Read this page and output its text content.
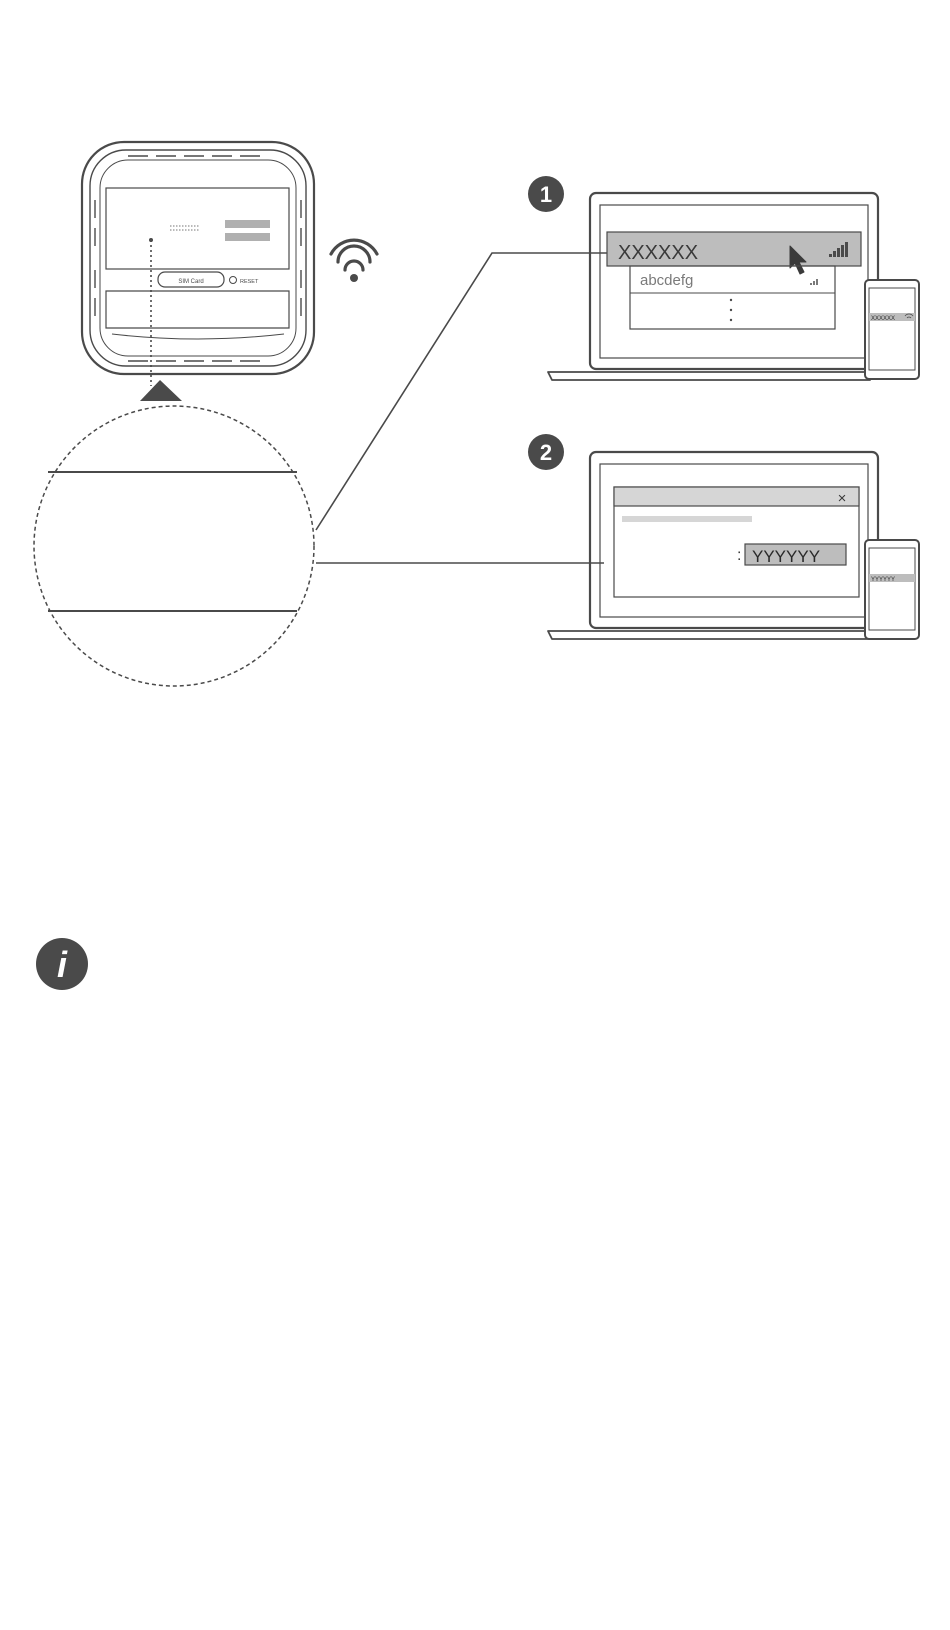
SIM Card	RESET
1
XXXXXX
abcdefg
XXXXXX
2
×
: YYYYYY
YYYYYY
i
